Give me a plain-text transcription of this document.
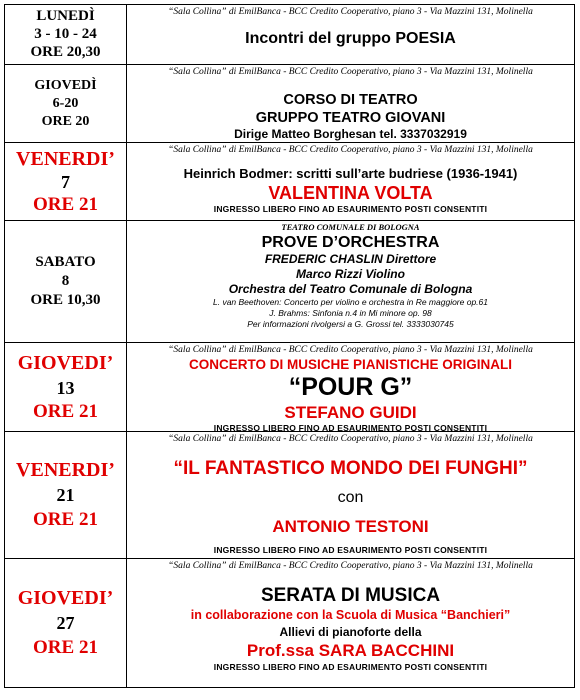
LUNEDÌ
3 - 10 - 24
ORE 20,30
“Sala Collina” di EmilBanca - BCC Credito Cooperativo, piano 3 - Via Mazzini 131, Molinella
Incontri del gruppo POESIA
GIOVEDÌ
6-20
ORE 20
“Sala Collina” di EmilBanca - BCC Credito Cooperativo, piano 3 - Via Mazzini 131, Molinella
CORSO DI TEATRO
GRUPPO TEATRO GIOVANI
Dirige Matteo Borghesan tel. 3337032919
VENERDI’
7
ORE 21
“Sala Collina” di EmilBanca - BCC Credito Cooperativo, piano 3 - Via Mazzini 131, Molinella
Heinrich Bodmer: scritti sull’arte budriese (1936-1941)
VALENTINA VOLTA
INGRESSO LIBERO FINO AD ESAURIMENTO POSTI CONSENTITI
SABATO
8
ORE 10,30
TEATRO COMUNALE DI BOLOGNA
PROVE D’ORCHESTRA
FREDERIC CHASLIN Direttore
Marco Rizzi Violino
Orchestra del Teatro Comunale di Bologna
L. van Beethoven: Concerto per violino e orchestra in Re maggiore op.61
J. Brahms: Sinfonia n.4 in Mi minore op. 98
Per informazioni rivolgersi a G. Grossi tel. 3333030745
GIOVEDI’
13
ORE 21
“Sala Collina” di EmilBanca - BCC Credito Cooperativo, piano 3 - Via Mazzini 131, Molinella
CONCERTO DI MUSICHE PIANISTICHE ORIGINALI
“POUR G”
STEFANO GUIDI
INGRESSO LIBERO FINO AD ESAURIMENTO POSTI CONSENTITI
VENERDI’
21
ORE 21
“Sala Collina” di EmilBanca - BCC Credito Cooperativo, piano 3 - Via Mazzini 131, Molinella
“IL FANTASTICO MONDO DEI FUNGHI”
con
ANTONIO TESTONI
INGRESSO LIBERO FINO AD ESAURIMENTO POSTI CONSENTITI
GIOVEDI’
27
ORE 21
“Sala Collina” di EmilBanca - BCC Credito Cooperativo, piano 3 - Via Mazzini 131, Molinella
SERATA DI MUSICA
in collaborazione con la Scuola di Musica “Banchieri”
Allievi di pianoforte della
Prof.ssa SARA BACCHINI
INGRESSO LIBERO FINO AD ESAURIMENTO POSTI CONSENTITI
